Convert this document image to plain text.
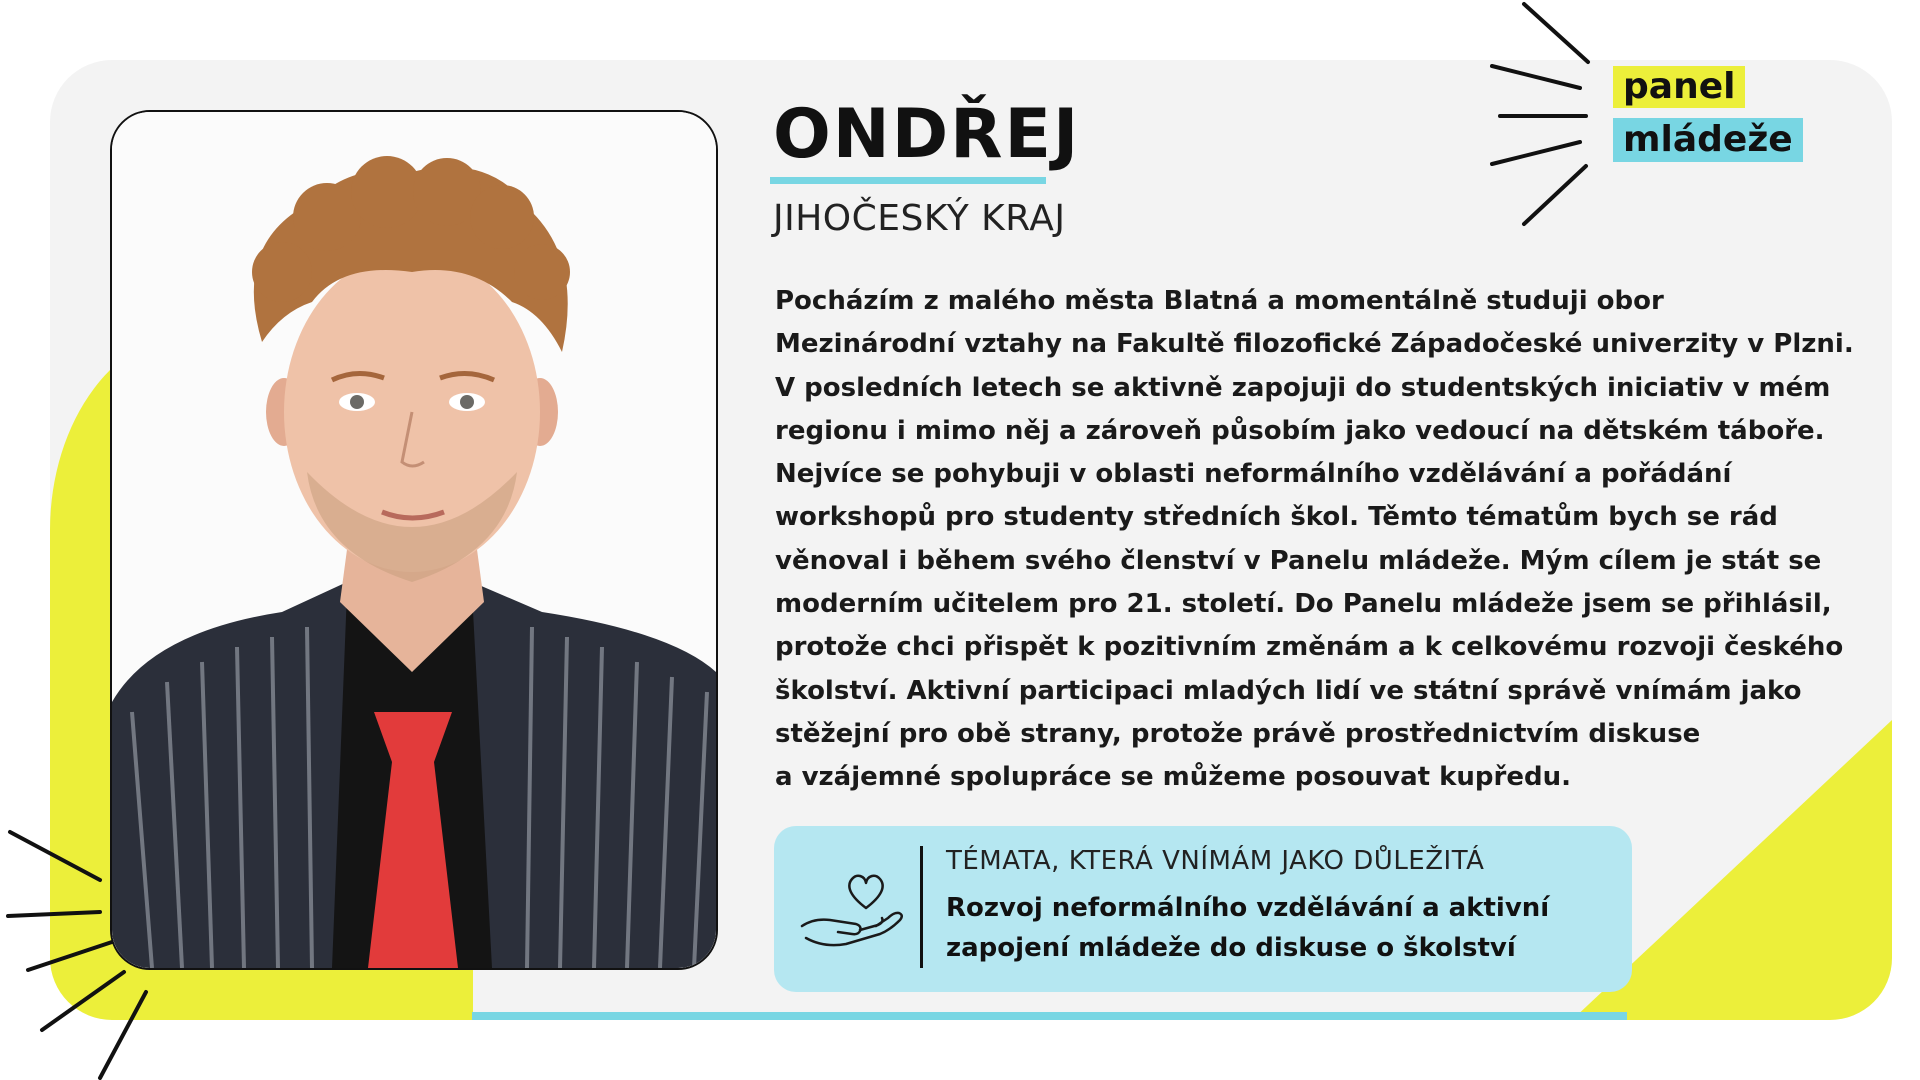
ONDŘEJ
JIHOČESKÝ KRAJ

Pocházím z malého města Blatná a momentálně studuji obor
Mezinárodní vztahy na Fakultě filozofické Západočeské univerzity v Plzni.
V posledních letech se aktivně zapojuji do studentských iniciativ v mém
regionu i mimo něj a zároveň působím jako vedoucí na dětském táboře.
Nejvíce se pohybuji v oblasti neformálního vzdělávání a pořádání
workshopů pro studenty středních škol. Těmto tématům bych se rád
věnoval i během svého členství v Panelu mládeže. Mým cílem je stát se
moderním učitelem pro 21. století. Do Panelu mládeže jsem se přihlásil,
protože chci přispět k pozitivním změnám a k celkovému rozvoji českého
školství. Aktivní participaci mladých lidí ve státní správě vnímám jako
stěžejní pro obě strany, protože právě prostřednictvím diskuse
a vzájemné spolupráce se můžeme posouvat kupředu.

TÉMATA, KTERÁ VNÍMÁM JAKO DŮLEŽITÁ

Rozvoj neformálního vzdělávání a aktivní
zapojení mládeže do diskuse o školství

panel
mládeže
